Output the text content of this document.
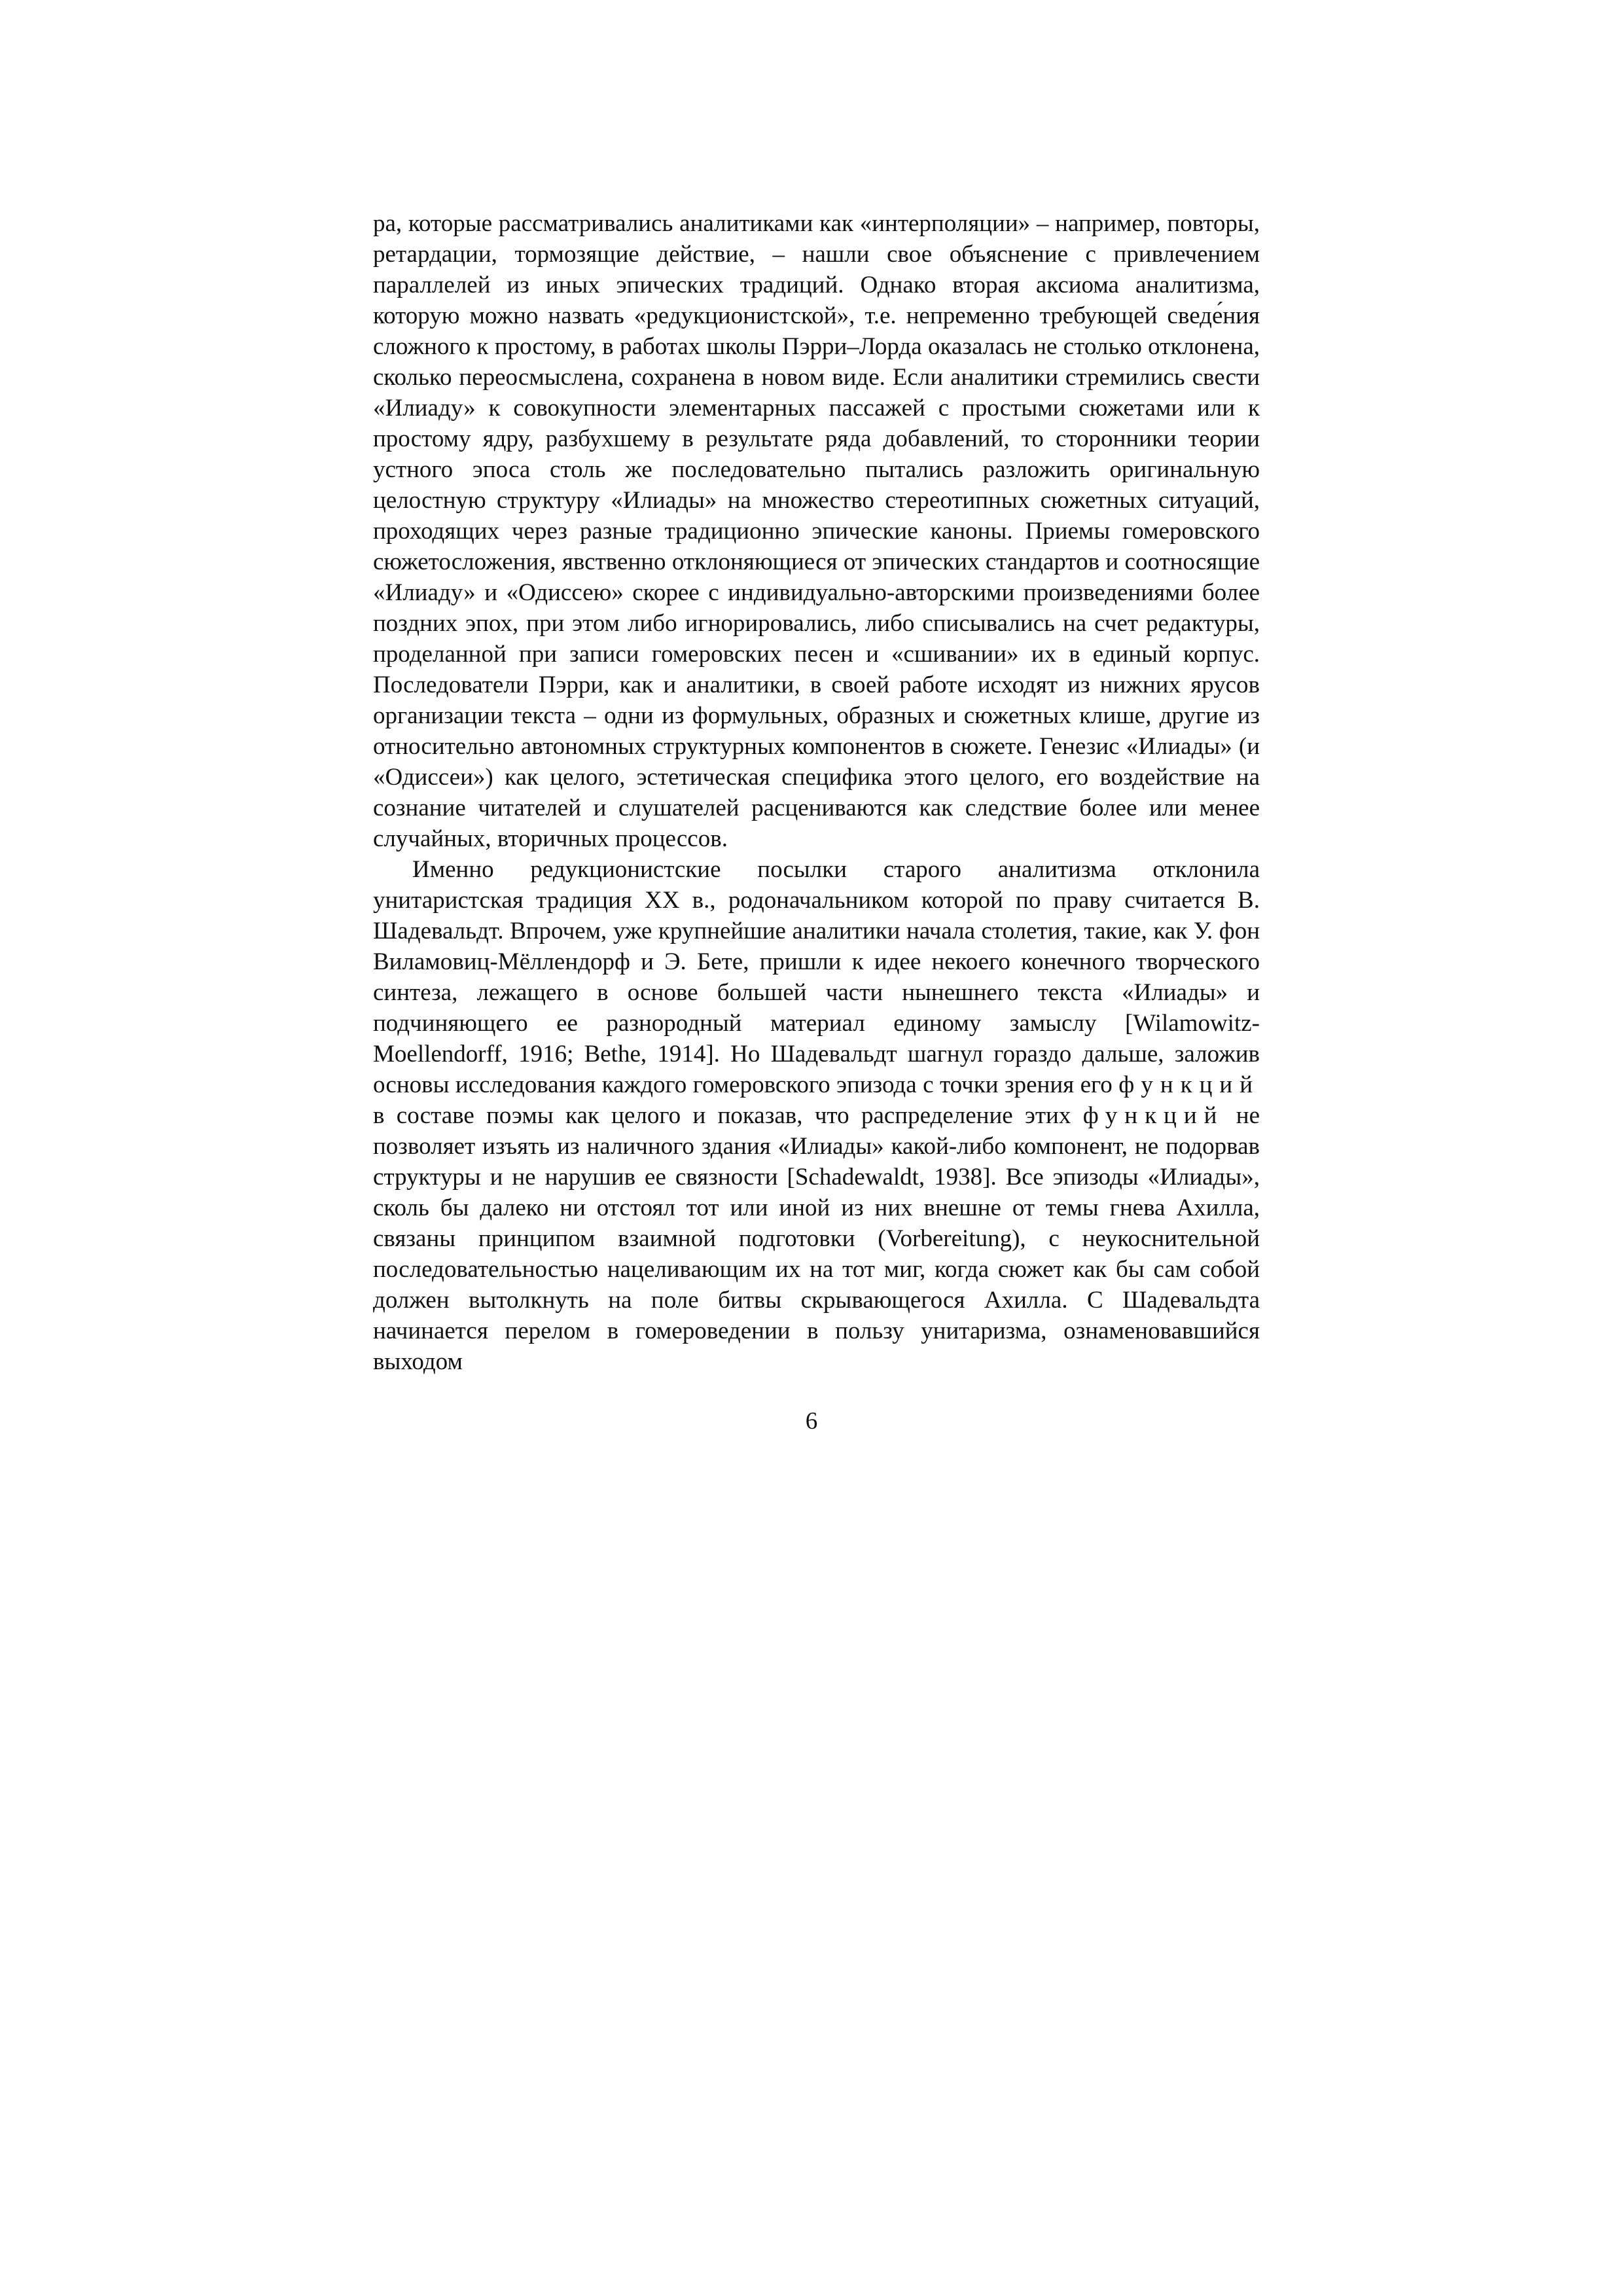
ра, которые рассматривались аналитиками как «интерполяции» – например, повторы, ретардации, тормозящие действие, – нашли свое объяснение с привлечением параллелей из иных эпических традиций. Однако вторая аксиома аналитизма, которую можно назвать «редукционистской», т.е. непременно требующей сведе́ния сложного к простому, в работах школы Пэрри–Лорда оказалась не столько отклонена, сколько переосмыслена, сохранена в новом виде. Если аналитики стремились свести «Илиаду» к совокупности элементарных пассажей с простыми сюжетами или к простому ядру, разбухшему в результате ряда добавлений, то сторонники теории устного эпоса столь же последовательно пытались разложить оригинальную целостную структуру «Илиады» на множество стереотипных сюжетных ситуаций, проходящих через разные традиционно эпические каноны. Приемы гомеровского сюжетосложения, явственно отклоняющиеся от эпических стандартов и соотносящие «Илиаду» и «Одиссею» скорее с индивидуально-авторскими произведениями более поздних эпох, при этом либо игнорировались, либо списывались на счет редактуры, проделанной при записи гомеровских песен и «сшивании» их в единый корпус. Последователи Пэрри, как и аналитики, в своей работе исходят из нижних ярусов организации текста – одни из формульных, образных и сюжетных клише, другие из относительно автономных структурных компонентов в сюжете. Генезис «Илиады» (и «Одиссеи») как целого, эстетическая специфика этого целого, его воздействие на сознание читателей и слушателей расцениваются как следствие более или менее случайных, вторичных процессов.

Именно редукционистские посылки старого аналитизма отклонила унитаристская традиция XX в., родоначальником которой по праву считается В. Шадевальдт. Впрочем, уже крупнейшие аналитики начала столетия, такие, как У. фон Виламовиц-Мёллендорф и Э. Бете, пришли к идее некоего конечного творческого синтеза, лежащего в основе большей части нынешнего текста «Илиады» и подчиняющего ее разнородный материал единому замыслу [Wilamowitz-Moellendorff, 1916; Bethe, 1914]. Но Шадевальдт шагнул гораздо дальше, заложив основы исследования каждого гомеровского эпизода с точки зрения его функций в составе поэмы как целого и показав, что распределение этих функций не позволяет изъять из наличного здания «Илиады» какой-либо компонент, не подорвав структуры и не нарушив ее связности [Schadewaldt, 1938]. Все эпизоды «Илиады», сколь бы далеко ни отстоял тот или иной из них внешне от темы гнева Ахилла, связаны принципом взаимной подготовки (Vorbereitung), с неукоснительной последовательностью нацеливающим их на тот миг, когда сюжет как бы сам собой должен вытолкнуть на поле битвы скрывающегося Ахилла. С Шадевальдта начинается перелом в гомероведении в пользу унитаризма, ознаменовавшийся выходом

6
